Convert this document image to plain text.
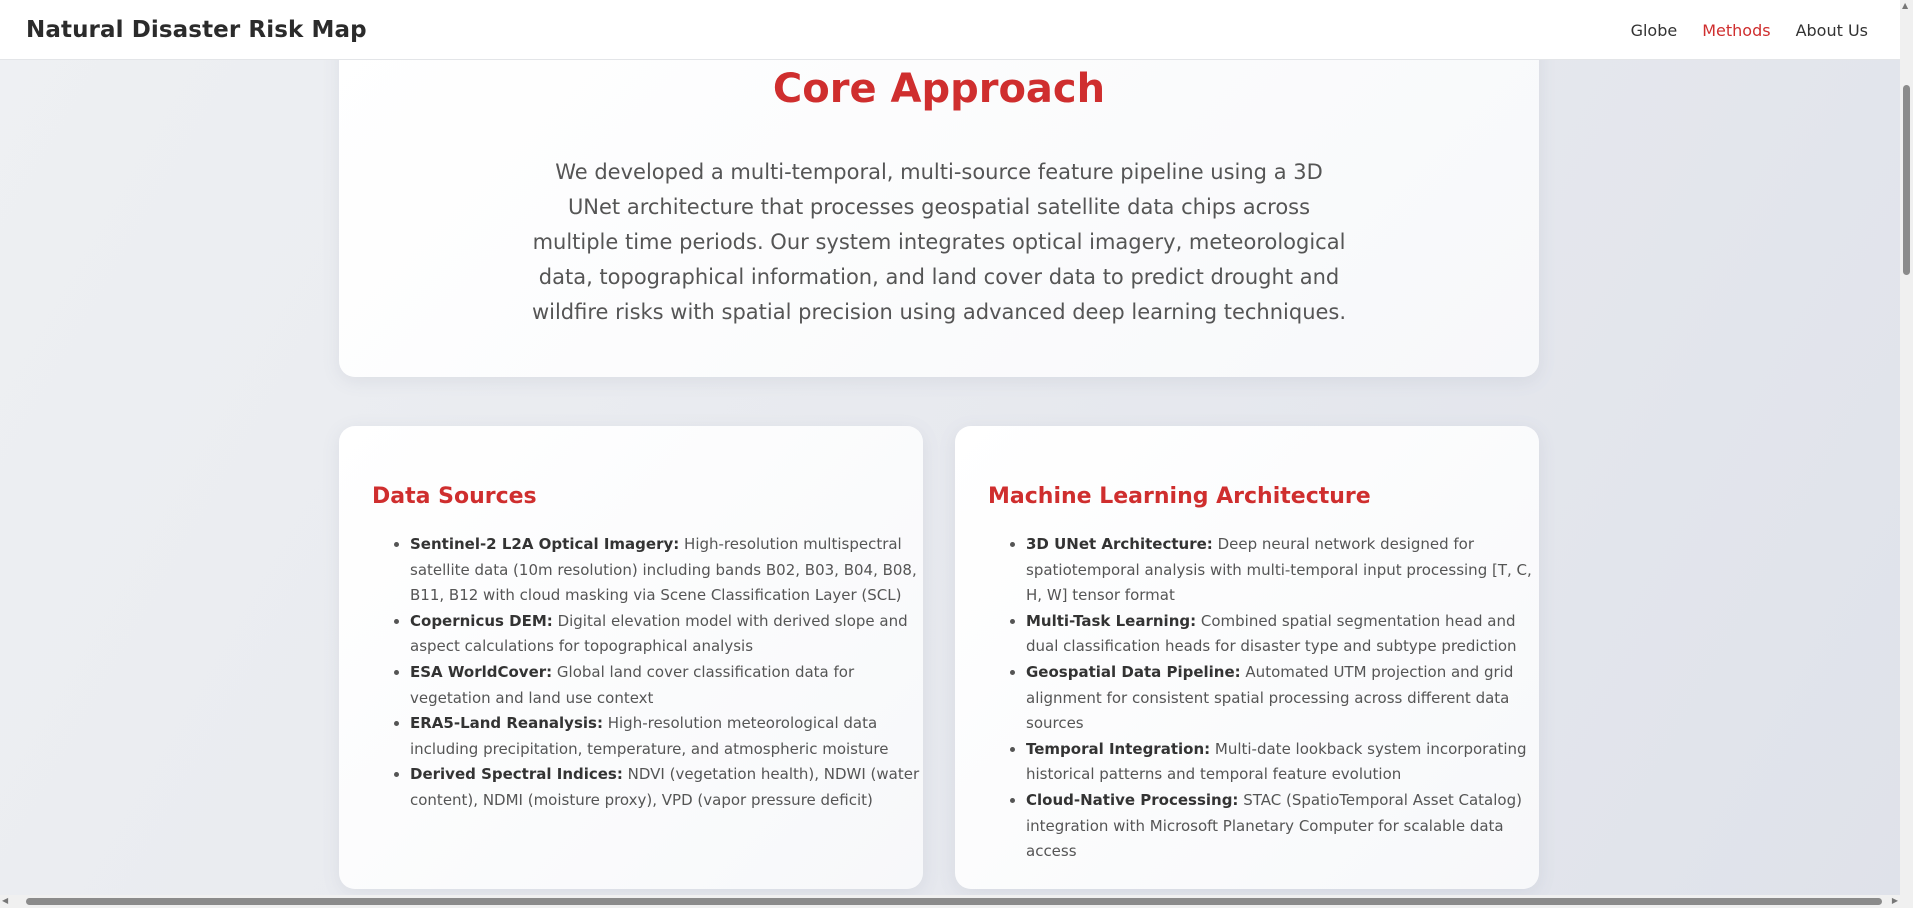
Natural Disaster Risk Map	Globe Methods About Us
Core Approach

We developed a multi-temporal, multi-source feature pipeline using a 3D UNet architecture that processes geospatial satellite data chips across multiple time periods. Our system integrates optical imagery, meteorological data, topographical information, and land cover data to predict drought and wildfire risks with spatial precision using advanced deep learning techniques.

Data Sources
• Sentinel-2 L2A Optical Imagery: High-resolution multispectral satellite data (10m resolution) including bands B02, B03, B04, B08, B11, B12 with cloud masking via Scene Classification Layer (SCL)
• Copernicus DEM: Digital elevation model with derived slope and aspect calculations for topographical analysis
• ESA WorldCover: Global land cover classification data for vegetation and land use context
• ERA5-Land Reanalysis: High-resolution meteorological data including precipitation, temperature, and atmospheric moisture
• Derived Spectral Indices: NDVI (vegetation health), NDWI (water content), NDMI (moisture proxy), VPD (vapor pressure deficit)
Machine Learning Architecture
• 3D UNet Architecture: Deep neural network designed for spatiotemporal analysis with multi-temporal input processing [T, C, H, W] tensor format
• Multi-Task Learning: Combined spatial segmentation head and dual classification heads for disaster type and subtype prediction
• Geospatial Data Pipeline: Automated UTM projection and grid alignment for consistent spatial processing across different data sources
• Temporal Integration: Multi-date lookback system incorporating historical patterns and temporal feature evolution
• Cloud-Native Processing: STAC (SpatioTemporal Asset Catalog) integration with Microsoft Planetary Computer for scalable data access
▲
◀	▶
